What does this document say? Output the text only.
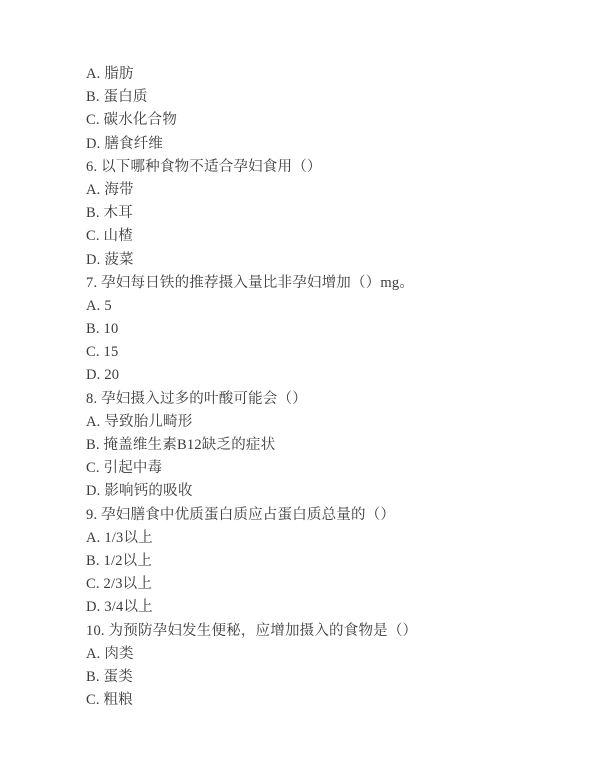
A. 脂肪

B. 蛋白质

C. 碳水化合物

D. 膳食纤维

6. 以下哪种食物不适合孕妇食用（）

A. 海带

B. 木耳

C. 山楂

D. 菠菜

7. 孕妇每日铁的推荐摄入量比非孕妇增加（）mg。

A. 5

B. 10

C. 15

D. 20

8. 孕妇摄入过多的叶酸可能会（）

A. 导致胎儿畸形

B. 掩盖维生素B12缺乏的症状

C. 引起中毒

D. 影响钙的吸收

9. 孕妇膳食中优质蛋白质应占蛋白质总量的（）

A. 1/3以上

B. 1/2以上

C. 2/3以上

D. 3/4以上

10. 为预防孕妇发生便秘，应增加摄入的食物是（）

A. 肉类

B. 蛋类

C. 粗粮
